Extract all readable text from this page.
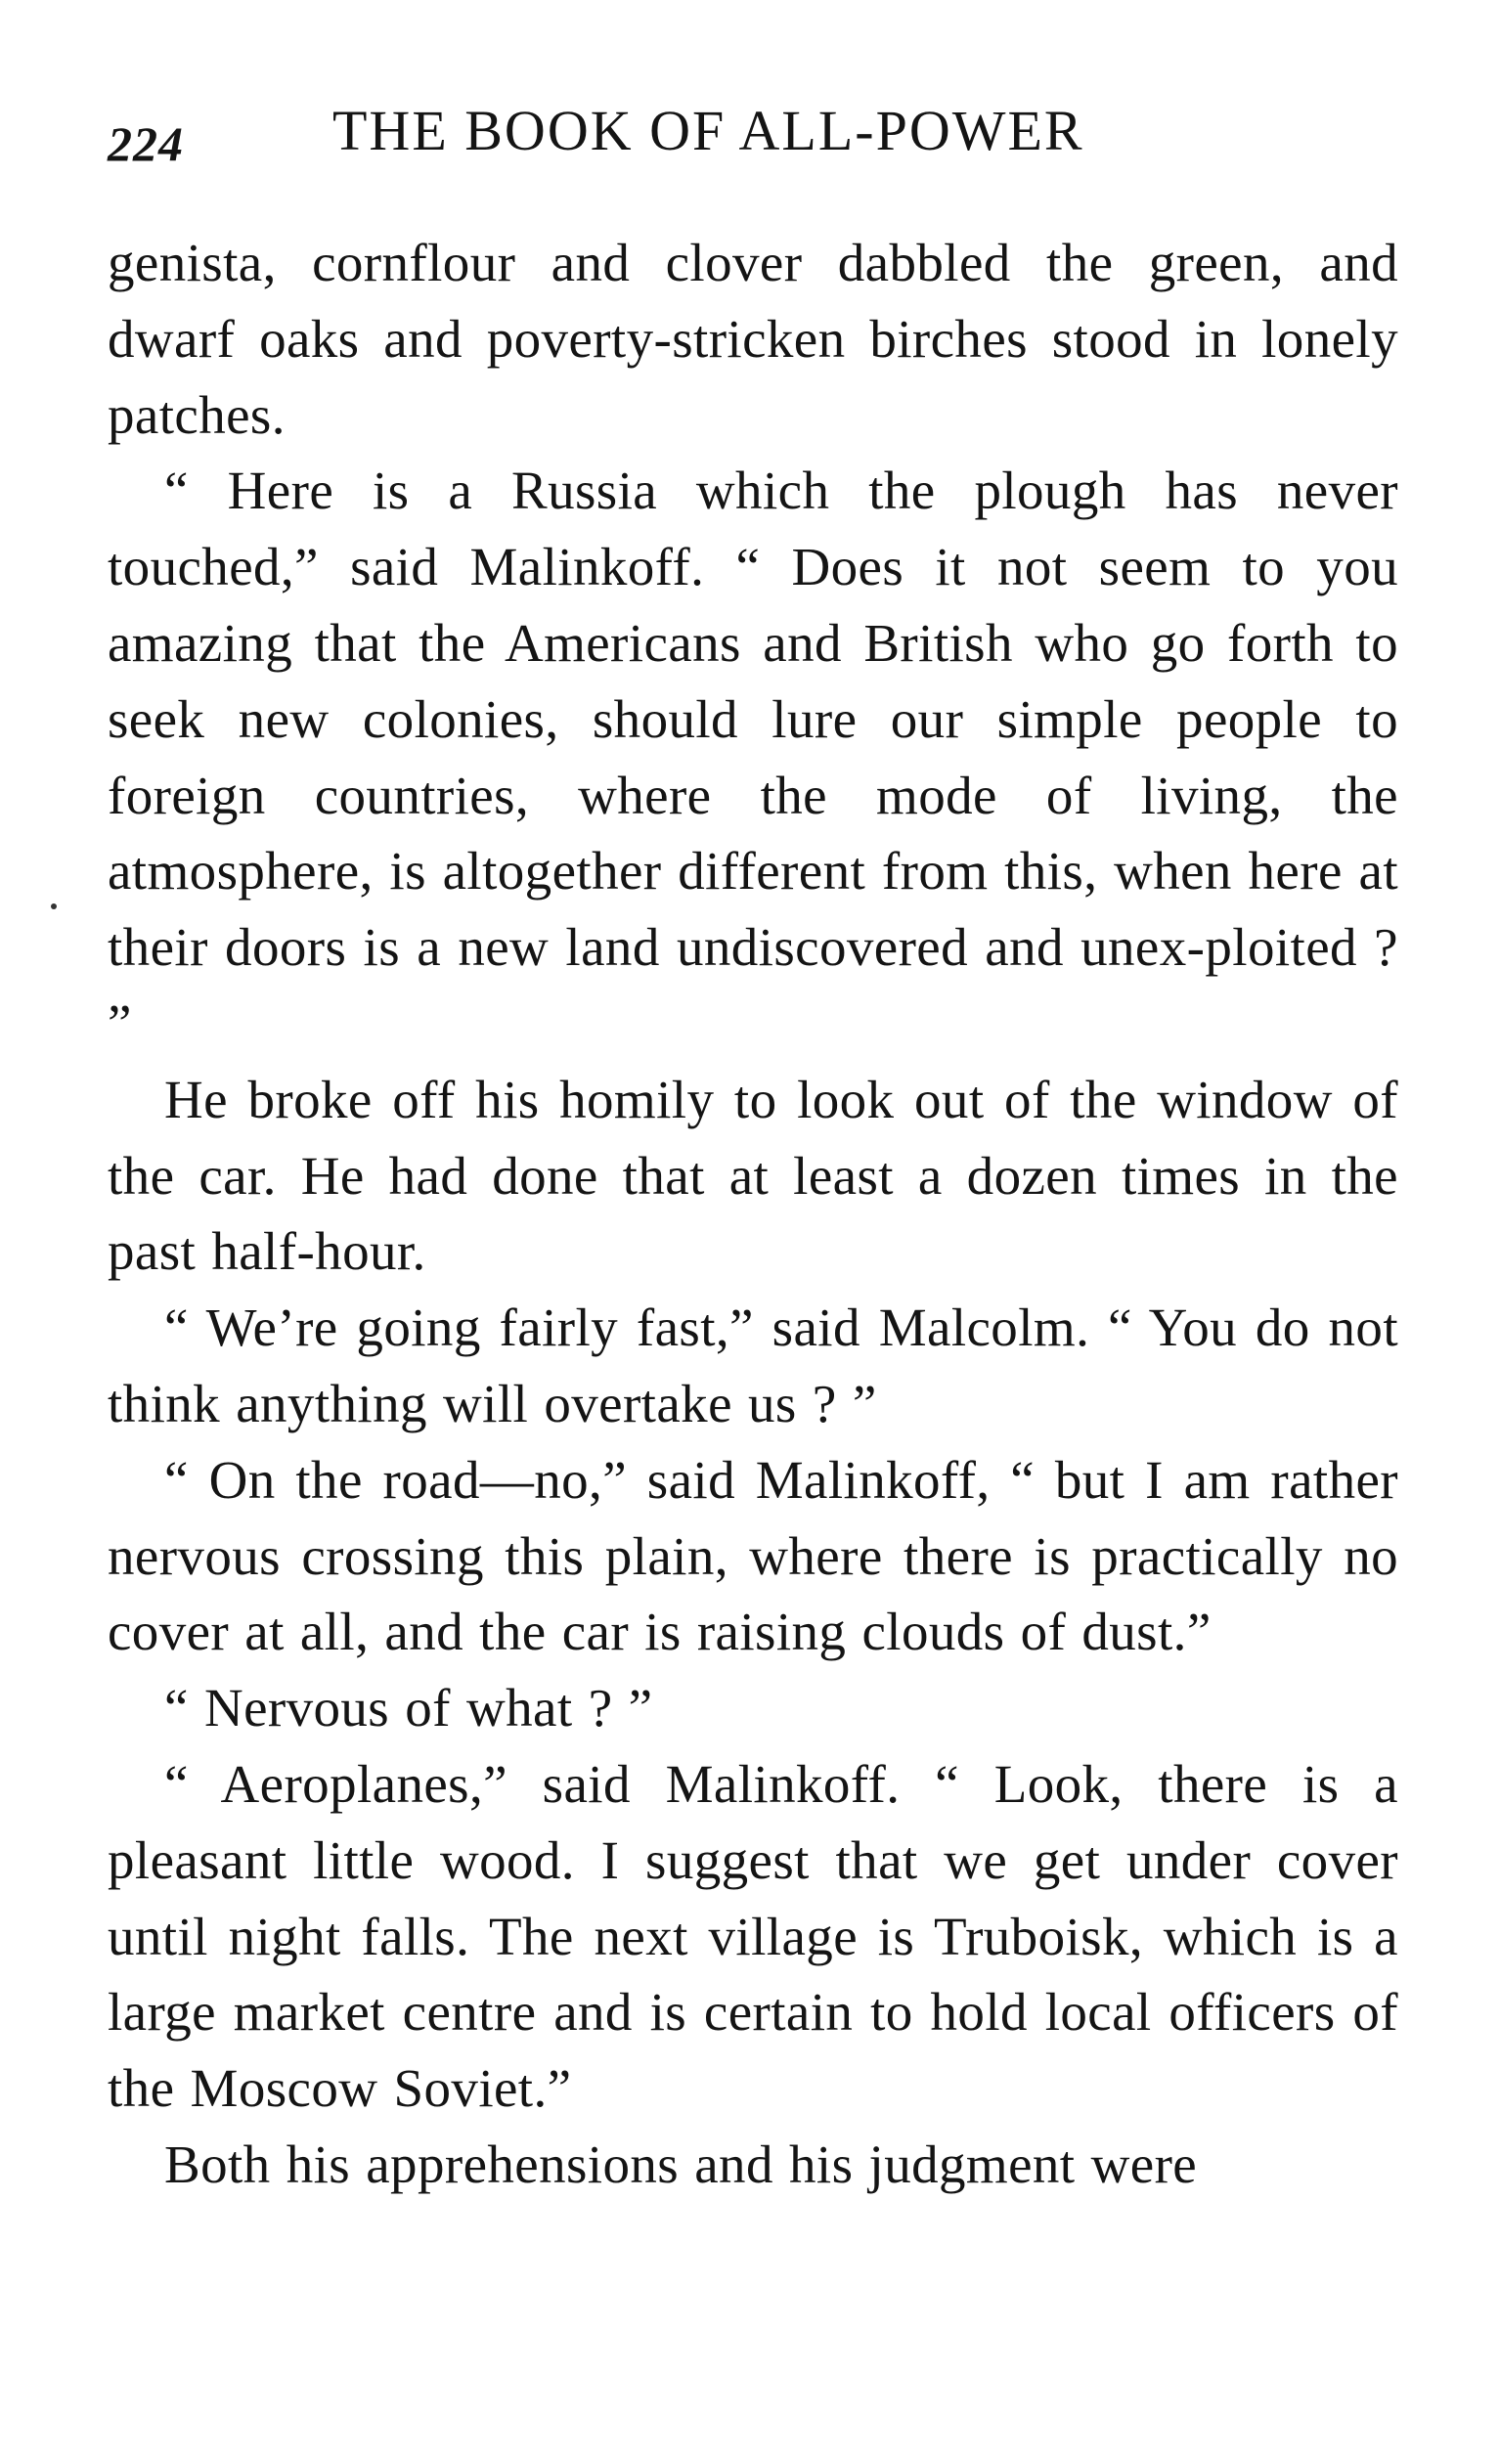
224	THE BOOK OF ALL-POWER

genista, cornflour and clover dabbled the green, and dwarf oaks and poverty-stricken birches stood in lonely patches.

“ Here is a Russia which the plough has never touched,” said Malinkoff. “ Does it not seem to you amazing that the Americans and British who go forth to seek new colonies, should lure our simple people to foreign countries, where the mode of living, the atmosphere, is altogether different from this, when here at their doors is a new land undiscovered and unex-ploited ? ”

He broke off his homily to look out of the window of the car. He had done that at least a dozen times in the past half-hour.

“ We’re going fairly fast,” said Malcolm. “ You do not think anything will overtake us ? ”

“ On the road—no,” said Malinkoff, “ but I am rather nervous crossing this plain, where there is practically no cover at all, and the car is raising clouds of dust.”

“ Nervous of what ? ”

“ Aeroplanes,” said Malinkoff. “ Look, there is a pleasant little wood. I suggest that we get under cover until night falls. The next village is Truboisk, which is a large market centre and is certain to hold local officers of the Moscow Soviet.”

Both his apprehensions and his judgment were
